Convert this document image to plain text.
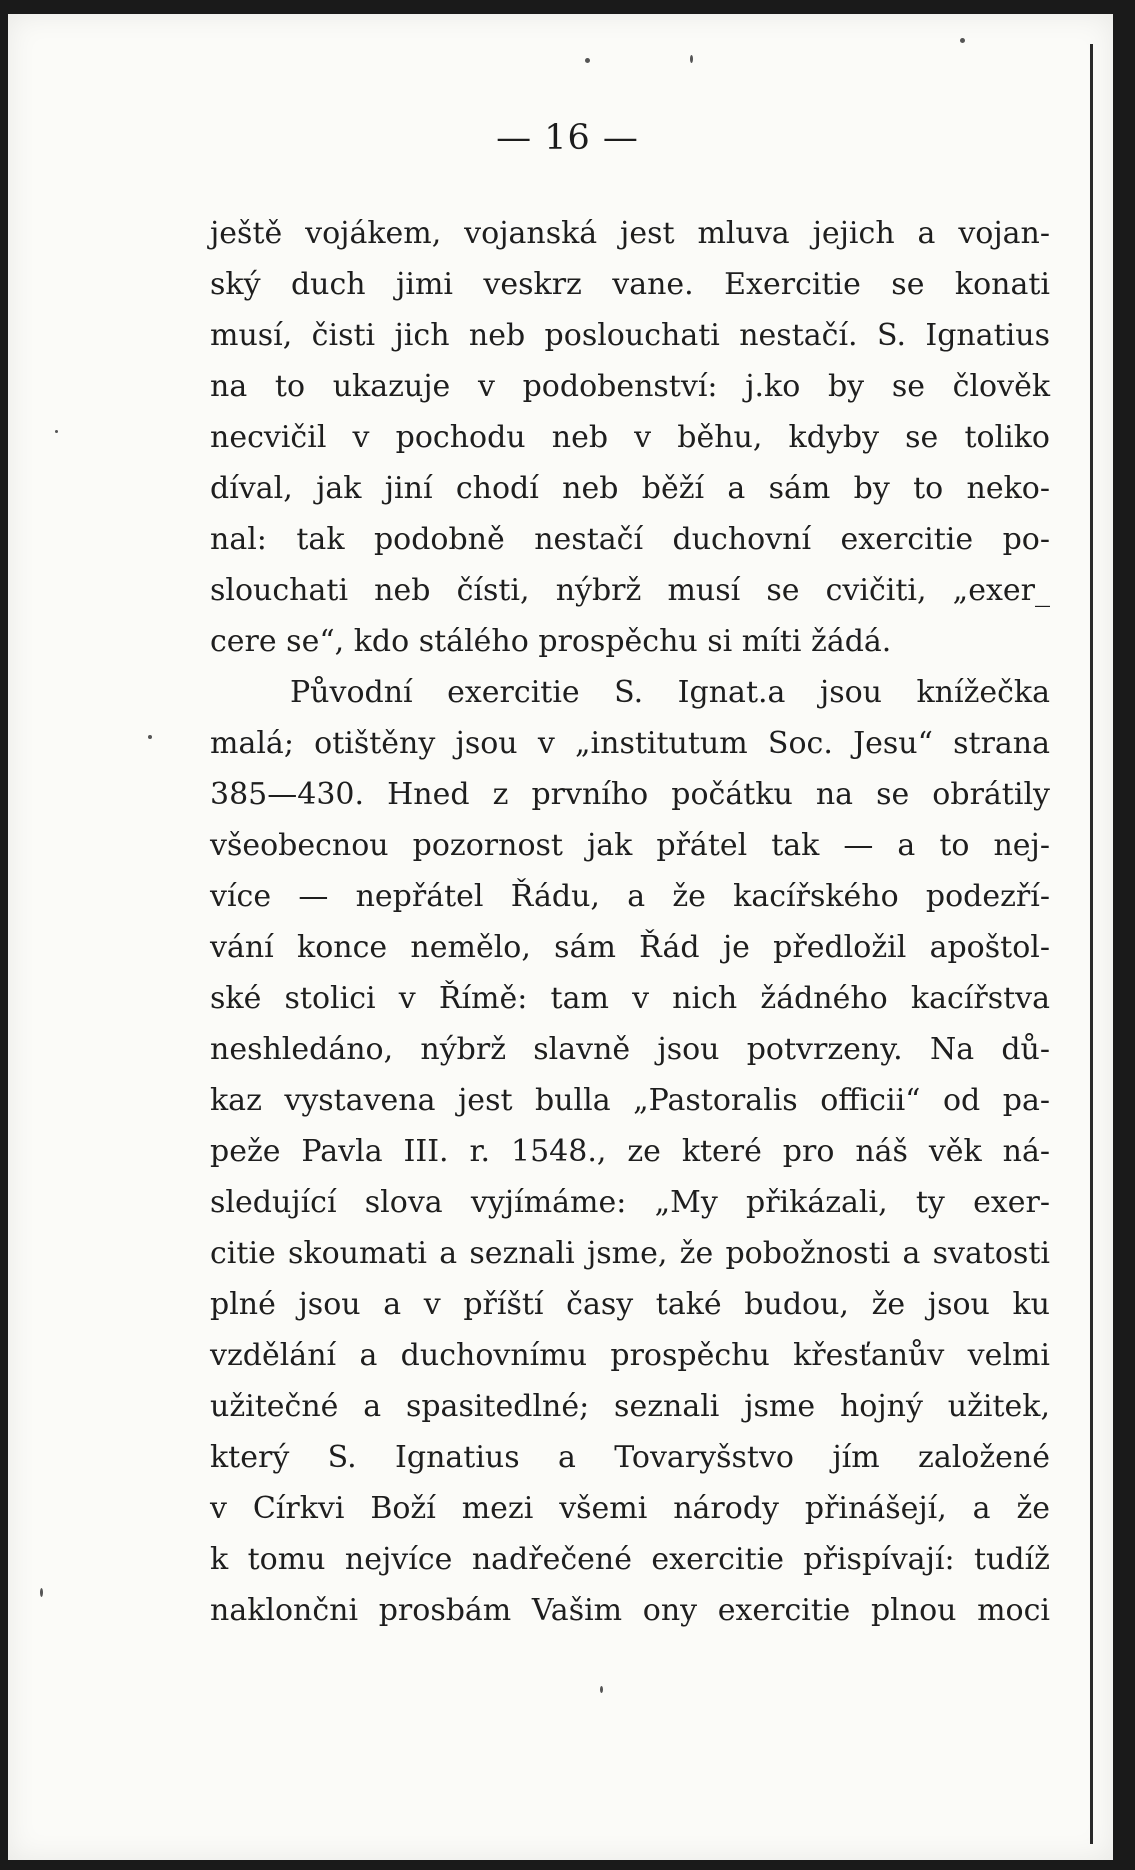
— 16 —
ještě vojákem, vojanská jest mluva jejich a vojan-
ský duch jimi veskrz vane. Exercitie se konati
musí, čisti jich neb poslouchati nestačí. S. Ignatius
na to ukazuje v podobenství: j.ko by se člověk
necvičil v pochodu neb v běhu, kdyby se toliko
díval, jak jiní chodí neb běží a sám by to neko-
nal: tak podobně nestačí duchovní exercitie po-
slouchati neb čísti, nýbrž musí se cvičiti, „exer_
cere se“, kdo stálého prospěchu si míti žádá.
Původní exercitie S. Ignat.a jsou knížečka
malá; otištěny jsou v „institutum Soc. Jesu“ strana
385—430. Hned z prvního počátku na se obrátily
všeobecnou pozornost jak přátel tak — a to nej-
více — nepřátel Řádu, a že kacířského podezří-
vání konce nemělo, sám Řád je předložil apoštol-
ské stolici v Římě: tam v nich žádného kacířstva
neshledáno, nýbrž slavně jsou potvrzeny. Na dů-
kaz vystavena jest bulla „Pastoralis officii“ od pa-
peže Pavla III. r. 1548., ze které pro náš věk ná-
sledující slova vyjímáme: „My přikázali, ty exer-
citie skoumati a seznali jsme, že pobožnosti a svatosti
plné jsou a v příští časy také budou, že jsou ku
vzdělání a duchovnímu prospěchu křesťanův velmi
užitečné a spasitedlné; seznali jsme hojný užitek,
který S. Ignatius a Tovaryšstvo jím založené
v Církvi Boží mezi všemi národy přinášejí, a že
k tomu nejvíce nadřečené exercitie přispívají: tudíž
naklončni prosbám Vašim ony exercitie plnou moci
